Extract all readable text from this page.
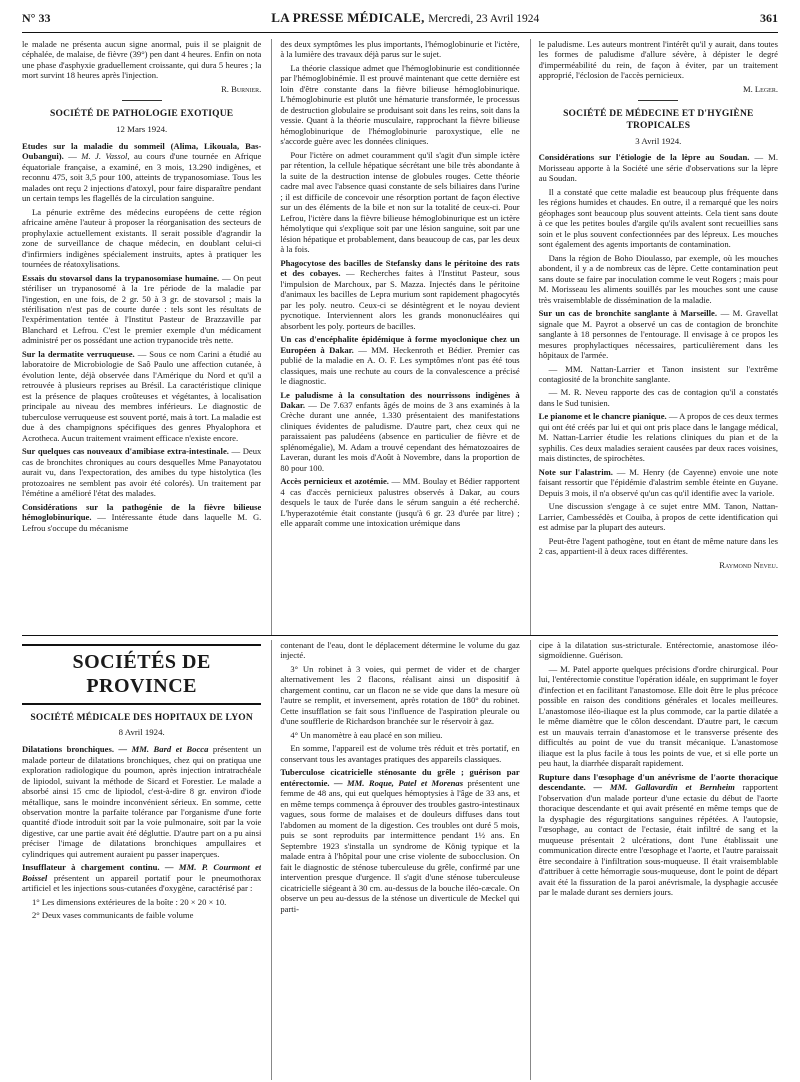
N° 33	LA PRESSE MÉDICALE, Mercredi, 23 Avril 1924	361

le malade ne présenta aucun signe anormal, puis il se plaignit de céphalée, de malaise, de fièvre (39°) pen dant 4 heures. Enfin on nota une phase d'asphyxie graduellement croissante, qui dura 5 heures ; la mort survint 18 heures après l'injection.

R. Burnier.
SOCIÉTÉ DE PATHOLOGIE EXOTIQUE
12 Mars 1924.

Etudes sur la maladie du sommeil (Alima, Likouala, Bas-Oubangui). — M. J. Vassol, au cours d'une tournée en Afrique équatoriale française, a examiné, en 3 mois, 13.290 indigènes, et reconnu 475, soit 3,5 pour 100, atteints de trypanosomiase. Tous les malades ont reçu 2 injections d'atoxyl, pour faire disparaître pendant un certain temps les flagellés de la circulation sanguine.

La pénurie extrême des médecins européens de cette région africaine amène l'auteur à proposer la réorganisation des secteurs de prophylaxie actuellement existants. Il serait possible d'agrandir la zone de surveillance de chaque médecin, en doublant celui-ci d'infirmiers indigènes spécialement instruits, aptes à pratiquer les tournées de réatoxylisations.

Essais du stovarsol dans la trypanosomiase humaine. — On peut stériliser un trypanosomé à la 1re période de la maladie par l'ingestion, en une fois, de 2 gr. 50 à 3 gr. de stovarsol ; mais la stérilisation n'est pas de courte durée : tels sont les résultats de l'expérimentation tentée à l'Institut Pasteur de Brazzaville par Blanchard et Lefrou. C'est le premier exemple d'un médicament administré per os possédant une action trypanocide très nette.

Sur la dermatite verruqueuse. — Sous ce nom Carini a étudié au laboratoire de Microbiologie de Saô Paulo une affection cutanée, à évolution lente, déjà observée dans l'Amérique du Nord et qu'il a retrouvée à plusieurs reprises au Brésil. La caractéristique clinique est la présence de plaques croûteuses et végétantes, à localisation principale au niveau des membres inférieurs. Le diagnostic de tuberculose verruqueuse est souvent porté, mais à tort. La maladie est due à des champignons spécifiques des genres Phyalophora et Acrotheca. Aucun traitement vraiment efficace n'existe encore.

Sur quelques cas nouveaux d'amibiase extra-intestinale. — Deux cas de bronchites chroniques au cours desquelles Mme Panayotatou aurait vu, dans l'expectoration, des amibes du type histolytica (les protozoaires ne semblent pas avoir été colorés). Un traitement par l'émétine a amélioré l'état des malades.

Considérations sur la pathogénie de la fièvre bilieuse hémoglobinurique. — Intéressante étude dans laquelle M. G. Lefrou s'occupe du mécanisme

des deux symptômes les plus importants, l'hémoglobinurie et l'ictère, à la lumière des travaux déjà parus sur le sujet.

La théorie classique admet que l'hémoglobinurie est conditionnée par l'hémoglobinémie. Il est prouvé maintenant que cette dernière est loin d'être constante dans la fièvre bilieuse hémoglobinurique. L'hémoglobinurie est plutôt une hématurie transformée, le processus de destruction globulaire se produisant soit dans les reins, soit dans la vessie. Quant à la théorie musculaire, rapprochant la fièvre bilieuse hémoglobinurique de l'hémoglobinurie paroxystique, elle ne s'accorde guère avec les données cliniques.

Pour l'ictère on admet couramment qu'il s'agit d'un simple ictère par rétention, la cellule hépatique sécrétant une bile très abondante à la suite de la destruction intense de globules rouges. Cette théorie cadre mal avec l'absence quasi constante de sels biliaires dans l'urine ; il est difficile de concevoir une résorption portant de façon élective sur un des éléments de la bile et non sur la totalité de ceux-ci. Pour Lefrou, l'ictère dans la fièvre bilieuse hémoglobinurique est un ictère hémolytique qui s'explique soit par une lésion sanguine, soit par une lésion hépatique et probablement, dans beaucoup de cas, par les deux à la fois.

Phagocytose des bacilles de Stefansky dans le péritoine des rats et des cobayes. — Recherches faites à l'Institut Pasteur, sous l'impulsion de Marchoux, par S. Mazza. Injectés dans le péritoine d'animaux les bacilles de Lepra murium sont rapidement phagocytés par les poly. neutro. Ceux-ci se désintègrent et le noyau devient pycnotique. Interviennent alors les grands mononucléaires qui absorbent les poly. porteurs de bacilles.

Un cas d'encéphalite épidémique à forme myoclonique chez un Européen à Dakar. — MM. Heckenroth et Bédier. Premier cas publié de la maladie en A. O. F. Les symptômes n'ont pas été tous classiques, mais une rechute au cours de la convalescence a précisé le diagnostic.

Le paludisme à la consultation des nourrissons indigènes à Dakar. — De 7.637 enfants âgés de moins de 3 ans examinés à la Crèche durant une année, 1.330 présentaient des manifestations cliniques évidentes de paludisme. D'autre part, chez ceux qui ne paraissaient pas paludéens (absence en particulier de fièvre et de splénomégalie), M. Adam a trouvé cependant des hématozoaires de Laveran, durant les mois d'Août à Novembre, dans la proportion de 80 pour 100.

Accès pernicieux et azotémie. — MM. Boulay et Bédier rapportent 4 cas d'accès pernicieux palustres observés à Dakar, au cours desquels le taux de l'urée dans le sérum sanguin a été recherché. L'hyperazotémie était constante (jusqu'à 6 gr. 23 d'urée par litre) ; elle apparaît comme une intoxication urémique dans

le paludisme. Les auteurs montrent l'intérêt qu'il y aurait, dans toutes les formes de paludisme d'allure sévère, à dépister le degré d'imperméabilité du rein, de façon à éviter, par un traitement approprié, l'éclosion de l'accès pernicieux.

M. Leger.
SOCIÉTÉ DE MÉDECINE ET D'HYGIÈNE TROPICALES
3 Avril 1924.

Considérations sur l'étiologie de la lèpre au Soudan. — M. Morisseau apporte à la Société une série d'observations sur la lèpre au Soudan.

Il a constaté que cette maladie est beaucoup plus fréquente dans les régions humides et chaudes. En outre, il a remarqué que les noirs géophages sont beaucoup plus souvent atteints. Cela tient sans doute à ce que les petites boules d'argile qu'ils avalent sont recueillies sans soin et le plus souvent confectionnées par des lépreux. Les mouches sont également des agents importants de contamination.

Dans la région de Boho Dioulasso, par exemple, où les mouches abondent, il y a de nombreux cas de lèpre. Cette contamination peut sans doute se faire par inoculation comme le veut Rogers ; mais pour M. Morisseau les aliments souillés par les mouches sont une cause très vraisemblable de dissémination de la maladie.

Sur un cas de bronchite sanglante à Marseille. — M. Gravellat signale que M. Payrot a observé un cas de contagion de bronchite sanglante à 18 personnes de l'entourage. Il envisage à ce propos les mesures prophylactiques nécessaires, particulièrement dans les hôpitaux de l'armée.

— MM. Nattan-Larrier et Tanon insistent sur l'extrême contagiosité de la bronchite sanglante.

— M. R. Neveu rapporte des cas de contagion qu'il a constatés dans le Sud tunisien.

Le pianome et le chancre pianique. — A propos de ces deux termes qui ont été créés par lui et qui ont pris place dans le langage médical, M. Nattan-Larrier étudie les relations cliniques du pian et de la syphilis. Ces deux maladies seraient causées par deux races voisines, mais distinctes, de spirochètes.

Note sur l'alastrim. — M. Henry (de Cayenne) envoie une note faisant ressortir que l'épidémie d'alastrim semble éteinte en Guyane. Depuis 3 mois, il n'a observé qu'un cas qu'il identifie avec la variole.

Une discussion s'engage à ce sujet entre MM. Tanon, Nattan-Larrier, Cambessédès et Couiba, à propos de cette identification qui est admise par la plupart des auteurs.

Peut-être l'agent pathogène, tout en étant de même nature dans les 2 cas, appartient-il à deux races différentes.

Raymond Neveu.
SOCIÉTÉS DE PROVINCE
SOCIÉTÉ MÉDICALE DES HOPITAUX DE LYON
8 Avril 1924.

Dilatations bronchiques. — MM. Bard et Bocca présentent un malade porteur de dilatations bronchiques, chez qui on pratiqua une exploration radiologique du poumon, après injection intratrachéale de lipiodol, suivant la méthode de Sicard et Forestier. Le malade a absorbé ainsi 15 cmc de lipiodol, c'est-à-dire 8 gr. environ d'iode métallique, sans le moindre inconvénient sérieux. En somme, cette observation montre la parfaite tolérance par l'organisme d'une forte quantité d'iode introduit soit par la voie pulmonaire, soit par la voie digestive, car une partie avait été dégluttie. D'autre part on a pu ainsi préciser l'image de dilatations bronchiques ampullaires et cylindriques qui autrement auraient pu passer inaperçues.

Insufflateur à chargement continu. — MM. P. Courmont et Boissel présentent un appareil portatif pour le pneumothorax artificiel et les injections sous-cutanées d'oxygène, caractérisé par :

1° Les dimensions extérieures de la boîte : 20 × 20 × 10.

2° Deux vases communicants de faible volume

contenant de l'eau, dont le déplacement détermine le volume du gaz injecté.

3° Un robinet à 3 voies, qui permet de vider et de charger alternativement les 2 flacons, réalisant ainsi un dispositif à chargement continu, car un flacon ne se vide que dans la mesure où l'autre se remplit, et inversement, après rotation de 180° du robinet. Cette insufflation se fait sous l'influence de l'aspiration pleurale ou d'une soufflerie de Richardson branchée sur le réservoir à gaz.

4° Un manomètre à eau placé en son milieu.

En somme, l'appareil est de volume très réduit et très portatif, en conservant tous les avantages pratiques des appareils classiques.

Tuberculose cicatricielle sténosante du grêle ; guérison par entérectomie. — MM. Roque, Patel et Morenas présentent une femme de 48 ans, qui eut quelques hémoptysies à l'âge de 33 ans, et en même temps commença à éprouver des troubles gastro-intestinaux vagues, sous forme de malaises et de douleurs diffuses dans tout l'abdomen au moment de la digestion. Ces troubles ont duré 5 mois, puis se sont reproduits par intermittence pendant 1½ ans. En Septembre 1923 s'installa un syndrome de König typique et la malade entra à l'hôpital pour une crise violente de subocclusion. On fait le diagnostic de sténose tuberculeuse du grêle, confirmé par une intervention presque d'urgence. Il s'agit d'une sténose tuberculeuse cicatricielle siégeant à 30 cm. au-dessus de la bouche iléo-cæcale. On observe un peu au-dessus de la sténose un diverticule de Meckel qui parti-

cipe à la dilatation sus-stricturale. Entérectomie, anastomose iléo-sigmoïdienne. Guérison.

— M. Patel apporte quelques précisions d'ordre chirurgical. Pour lui, l'entérectomie constitue l'opération idéale, en supprimant le foyer d'infection et en facilitant l'anastomose. Elle doit être le plus précoce possible en raison des conditions générales et locales meilleures. L'anastomose iléo-iliaque est la plus commode, car la partie dilatée a le même diamètre que le côlon descendant. D'autre part, le cæcum est un mauvais terrain d'anastomose et le transverse présente des difficultés au point de vue du transit mécanique. L'anastomose iliaque est la plus facile à tous les points de vue, et si elle porte un peu haut, la diarrhée disparaît rapidement.

Rupture dans l'œsophage d'un anévrisme de l'aorte thoracique descendante. — MM. Gallavardin et Bernheim rapportent l'observation d'un malade porteur d'une ectasie du début de l'aorte thoracique descendante et qui avait présenté en même temps que de la dysphagie des régurgitations sanguines répétées. A l'autopsie, l'œsophage, au contact de l'ectasie, était infiltré de sang et la muqueuse présentait 2 ulcérations, dont l'une établissait une communication directe entre l'œsophage et l'aorte, et l'autre paraissait être secondaire à l'infiltration sous-muqueuse. Il était vraisemblable d'attribuer à cette hémorragie sous-muqueuse, dont le point de départ avait été la fissuration de la paroi anévrismale, la dysphagie accusée par le malade durant ses derniers jours.
